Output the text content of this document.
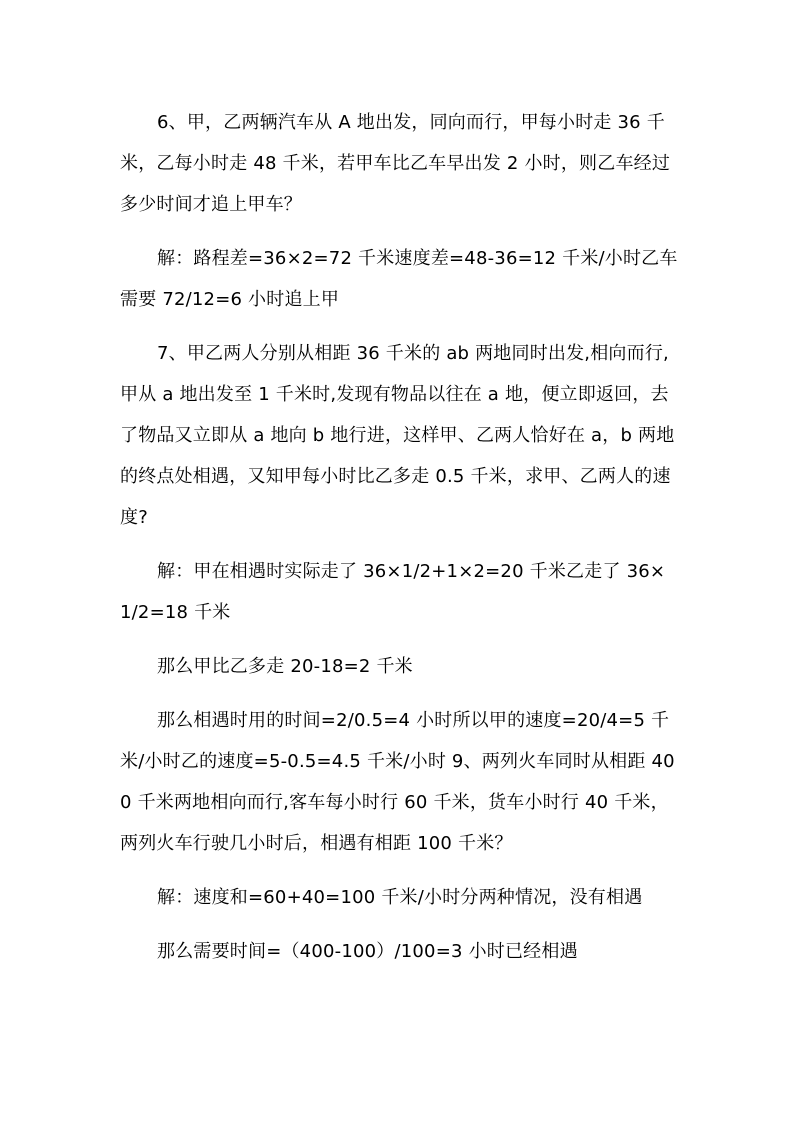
6、甲，乙两辆汽车从 A 地出发，同向而行，甲每小时走 36 千米，乙每小时走 48 千米，若甲车比乙车早出发 2 小时，则乙车经过多少时间才追上甲车？

解：路程差=36×2=72 千米速度差=48-36=12 千米/小时乙车需要 72/12=6 小时追上甲

7、甲乙两人分别从相距 36 千米的 ab 两地同时出发,相向而行,甲从 a 地出发至 1 千米时,发现有物品以往在 a 地，便立即返回，去了物品又立即从 a 地向 b 地行进，这样甲、乙两人恰好在 a，b 两地的终点处相遇，又知甲每小时比乙多走 0.5 千米，求甲、乙两人的速度?

解：甲在相遇时实际走了 36×1/2+1×2=20 千米乙走了 36×1/2=18 千米

那么甲比乙多走 20-18=2 千米

那么相遇时用的时间=2/0.5=4 小时所以甲的速度=20/4=5 千米/小时乙的速度=5-0.5=4.5 千米/小时 9、两列火车同时从相距 400 千米两地相向而行,客车每小时行 60 千米，货车小时行 40 千米，两列火车行驶几小时后，相遇有相距 100 千米？

解：速度和=60+40=100 千米/小时分两种情况，没有相遇

那么需要时间=（400-100）/100=3 小时已经相遇
